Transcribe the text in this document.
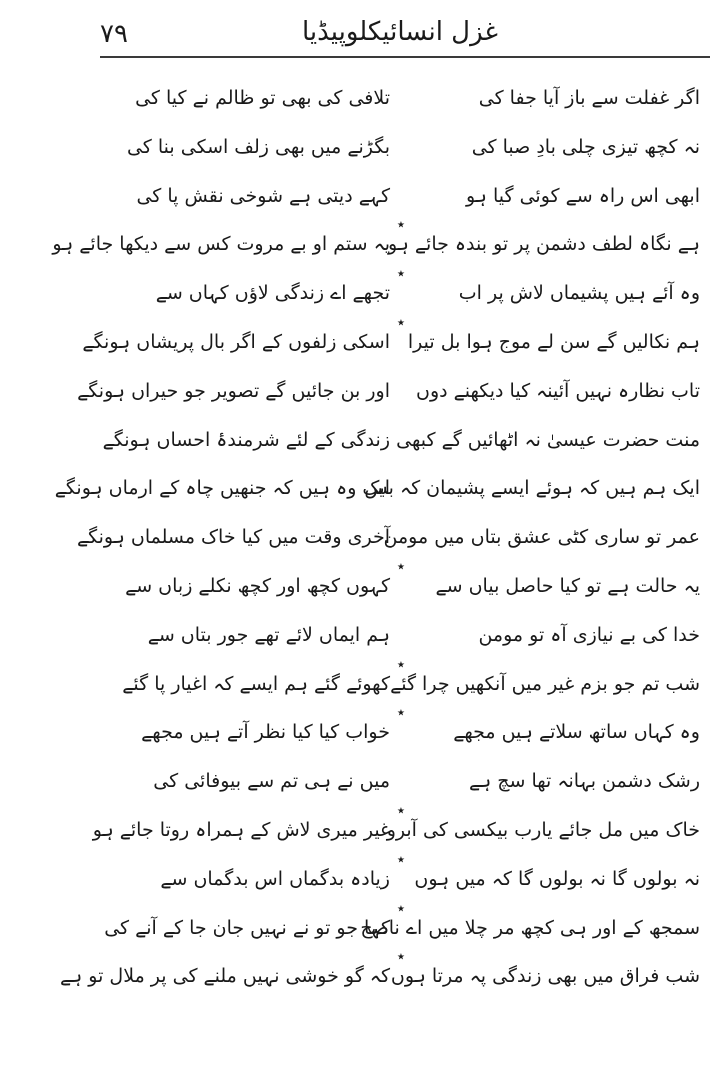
۷۹	غزل انسائیکلوپیڈیا
اگر غفلت سے باز آیا جفا کی
نہ کچھ تیزی چلی بادِ صبا کی
ابھی اس راہ سے کوئی گیا ہو
ہے نگاہ لطف دشمن پر تو بندہ جائے ہو
وہ آئے ہیں پشیماں لاش پر اب
ہم نکالیں گے سن لے موج ہوا بل تیرا
تاب نظارہ نہیں آئینہ کیا دیکھنے دوں
منت حضرت عیسیٰ نہ اٹھائیں گے کبھی
ایک ہم ہیں کہ ہوئے ایسے پشیمان کہ بس
عمر تو ساری کٹی عشق بتاں میں مومن
یہ حالت ہے تو کیا حاصل بیاں سے
خدا کی بے نیازی آہ تو مومن
شب تم جو بزم غیر میں آنکھیں چرا گئے
وہ کہاں ساتھ سلاتے ہیں مجھے
رشک دشمن بہانہ تھا سچ ہے
خاک میں مل جائے یارب بیکسی کی آبرو
نہ بولوں گا نہ بولوں گا کہ میں ہوں
سمجھ کے اور ہی کچھ مر چلا میں اے ناصح
شب فراق میں بھی زندگی پہ مرتا ہوں
تلافی کی بھی تو ظالم نے کیا کی
بگڑنے میں بھی زلف اسکی بنا کی
کہے دیتی ہے شوخی نقش پا کی
یہ ستم او بے مروت کس سے دیکھا جائے ہو
٭
تجھے اے زندگی لاؤں کہاں سے
٭
اسکی زلفوں کے اگر بال پریشاں ہونگے
٭
اور بن جائیں گے تصویر جو حیراں ہونگے
زندگی کے لئے شرمندۂ احساں ہونگے
ایک وہ ہیں کہ جنھیں چاہ کے ارماں ہونگے
آخری وقت میں کیا خاک مسلماں ہونگے
کہوں کچھ اور کچھ نکلے زباں سے
٭
ہم ایماں لائے تھے جور بتاں سے
کھوئے گئے ہم ایسے کہ اغیار پا گئے
٭
خواب کیا کیا نظر آتے ہیں مجھے
٭
میں نے ہی تم سے بیوفائی کی
غیر میری لاش کے ہمراہ روتا جائے ہو
٭
زیادہ بدگماں اس بدگماں سے
٭
کہا جو تو نے نہیں جان جا کے آنے کی
٭
کہ گو خوشی نہیں ملنے کی پر ملال تو ہے
٭
